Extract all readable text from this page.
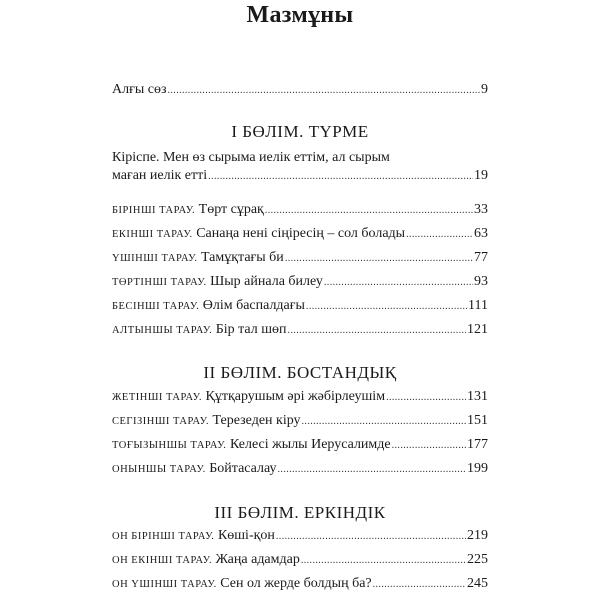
Мазмұны
Алғы сөз .....	9
I БӨЛІМ. ТҮРМЕ
Кіріспе. Мен өз сырыма иелік еттім, ал сырым
маған иелік етті .....	19
БІРІНШІ ТАРАУ. Төрт сұрақ .....	33
ЕКІНШІ ТАРАУ. Санаңа нені сіңіресің – сол болады .....	63
ҮШІНШІ ТАРАУ. Тамұқтағы би .....	77
ТӨРТІНШІ ТАРАУ. Шыр айнала билеу .....	93
БЕСІНШІ ТАРАУ. Өлім баспалдағы .....	111
АЛТЫНШЫ ТАРАУ. Бір тал шөп .....	121
II БӨЛІМ. БОСТАНДЫҚ
ЖЕТІНШІ ТАРАУ. Құтқарушым әрі жәбірлеушім .....	131
СЕГІЗІНШІ ТАРАУ. Терезеден кіру .....	151
ТОҒЫЗЫНШЫ ТАРАУ. Келесі жылы Иерусалимде .....	177
ОНЫНШЫ ТАРАУ. Бойтасалау .....	199
III БӨЛІМ. ЕРКІНДІК
ОН БІРІНШІ ТАРАУ. Көші-қон .....	219
ОН ЕКІНШІ ТАРАУ. Жаңа адамдар .....	225
ОН ҮШІНШІ ТАРАУ. Сен ол жерде болдың ба? .....	245
